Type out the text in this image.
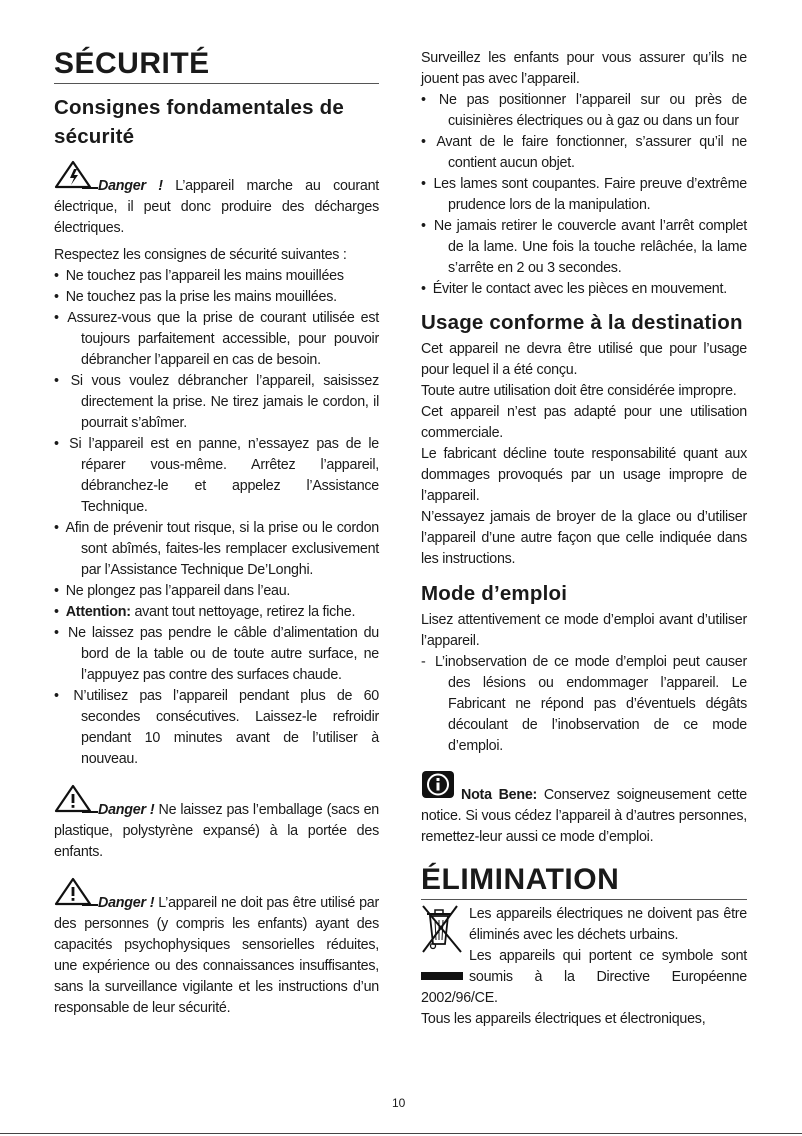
SÉCURITÉ
Consignes fondamentales de sécurité

Danger ! L’appareil marche au courant électrique, il peut donc produire des décharges électriques.

Respectez les consignes de sécurité suivantes :

• Ne touchez pas l’appareil les mains mouillées
• Ne touchez pas la prise les mains mouillées.
• Assurez-vous que la prise de courant utilisée est toujours parfaitement accessible, pour pouvoir débrancher l’appareil en cas de besoin.
• Si vous voulez débrancher l’appareil, saisissez directement la prise. Ne tirez jamais le cordon, il pourrait s’abîmer.
• Si l’appareil est en panne, n’essayez pas de le réparer vous-même. Arrêtez l’appareil, débranchez-le et appelez l’Assistance Technique.
• Afin de prévenir tout risque, si la prise ou le cordon sont abîmés, faites-les remplacer exclusivement par l’Assistance Technique De’Longhi.
• Ne plongez pas l’appareil dans l’eau.
• Attention: avant tout nettoyage, retirez la fiche.
• Ne laissez pas pendre le câble d’alimentation du bord de la table ou de toute autre surface, ne l’appuyez pas contre des surfaces chaude.
• N’utilisez pas l’appareil pendant plus de 60 secondes consécutives. Laissez-le refroidir pendant 10 minutes avant de l’utiliser à nouveau.

Danger ! Ne laissez pas l’emballage (sacs en plastique, polystyrène expansé) à la portée des enfants.

Danger ! L’appareil ne doit pas être utilisé par des personnes (y compris les enfants) ayant des capacités psychophysiques sensorielles réduites, une expérience ou des connaissances insuffisantes, sans la surveillance vigilante et les instructions d’un responsable de leur sécurité.

Surveillez les enfants pour vous assurer qu’ils ne jouent pas avec l’appareil.

• Ne pas positionner l’appareil sur ou près de cuisinières électriques ou à gaz ou dans un four
• Avant de le faire fonctionner, s’assurer qu’il ne contient aucun objet.
• Les lames sont coupantes. Faire preuve d’extrême prudence lors de la manipulation.
• Ne jamais retirer le couvercle avant l’arrêt complet de la lame. Une fois la touche relâchée, la lame s’arrête en 2 ou 3 secondes.
• Éviter le contact avec les pièces en mouvement.
Usage conforme à la destination

Cet appareil ne devra être utilisé que pour l’usage pour lequel il a été conçu.

Toute autre utilisation doit être considérée impropre.

Cet appareil n’est pas adapté pour une utilisation commerciale.

Le fabricant décline toute responsabilité quant aux dommages provoqués par un usage impropre de l’appareil.

N’essayez jamais de broyer de la glace ou d’utiliser l’appareil d’une autre façon que celle indiquée dans les instructions.

Mode d’emploi

Lisez attentivement ce mode d’emploi avant d’utiliser l’appareil.

- L’inobservation de ce mode d’emploi peut causer des lésions ou endommager l’appareil. Le Fabricant ne répond pas d’éventuels dégâts découlant de l’inobservation de ce mode d’emploi.

Nota Bene: Conservez soigneusement cette notice. Si vous cédez l’appareil à d’autres personnes, remettez-leur aussi ce mode d’emploi.

ÉLIMINATION

Les appareils électriques ne doivent pas être éliminés avec les déchets urbains.

Les appareils qui portent ce symbole sont soumis à la Directive Européenne 2002/96/CE.

Tous les appareils électriques et électroniques,

10
